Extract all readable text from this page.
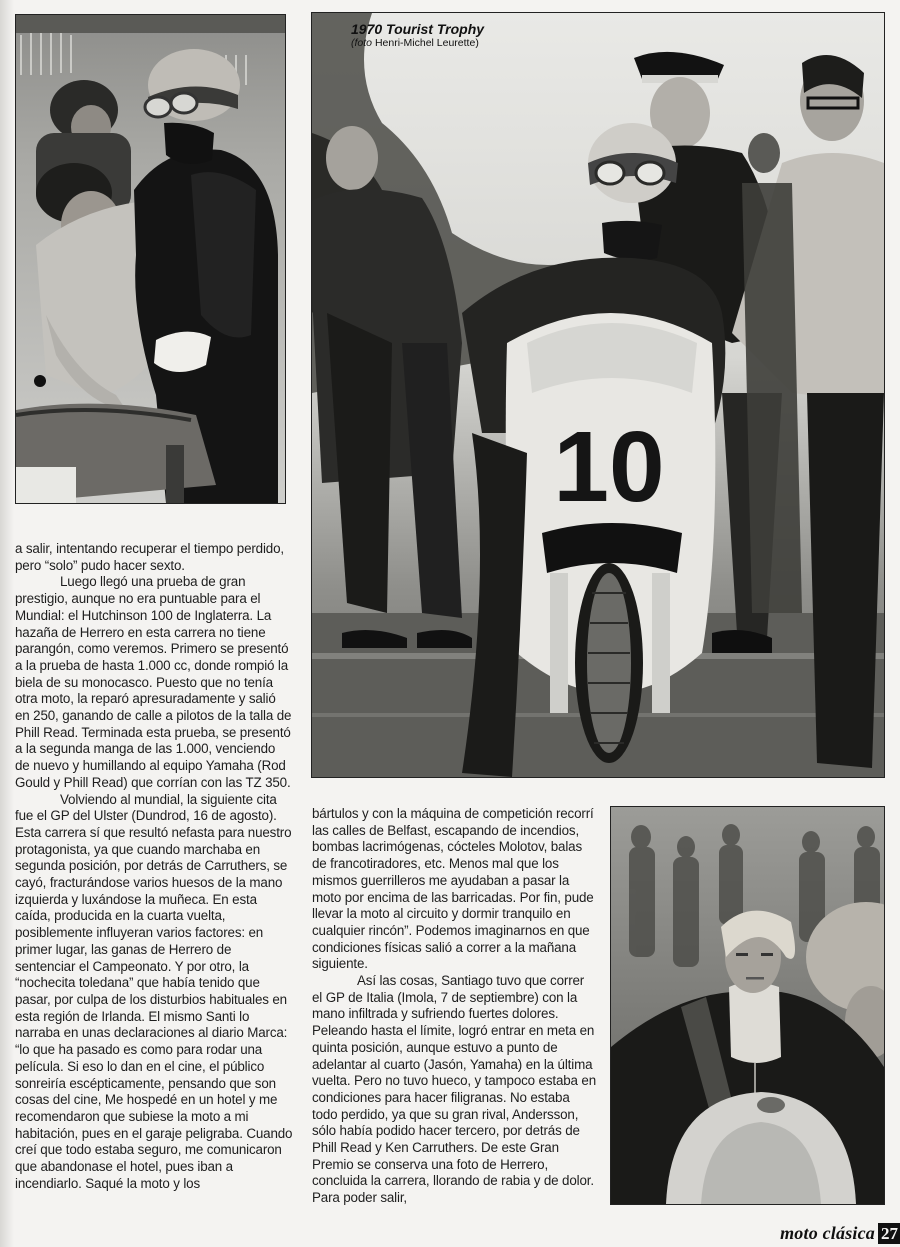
10
1970 Tourist Trophy
(foto Henri-Michel Leurette)

a salir, intentando recuperar el tiempo perdido, pero “solo” pudo hacer sexto.

Luego llegó una prueba de gran prestigio, aunque no era puntuable para el Mundial: el Hutchinson 100 de Inglaterra. La hazaña de Herrero en esta carrera no tiene parangón, como veremos. Primero se presentó a la prueba de hasta 1.000 cc, donde rompió la biela de su monocasco. Puesto que no tenía otra moto, la reparó apresuradamente y salió en 250, ganando de calle a pilotos de la talla de Phill Read. Terminada esta prueba, se presentó a la segunda manga de las 1.000, venciendo de nuevo y humillando al equipo Yamaha (Rod Gould y Phill Read) que corrían con las TZ 350.

Volviendo al mundial, la siguiente cita fue el GP del Ulster (Dundrod, 16 de agosto). Esta carrera sí que resultó nefasta para nuestro protagonista, ya que cuando marchaba en segunda posición, por detrás de Carruthers, se cayó, fracturándose varios huesos de la mano izquierda y luxándose la muñeca. En esta caída, producida en la cuarta vuelta, posiblemente influyeran varios factores: en primer lugar, las ganas de Herrero de sentenciar el Campeonato. Y por otro, la “nochecita toledana” que había tenido que pasar, por culpa de los disturbios habituales en esta región de Irlanda. El mismo Santi lo narraba en unas declaraciones al diario Marca: “lo que ha pasado es como para rodar una película. Si eso lo dan en el cine, el público sonreiría escépticamente, pensando que son cosas del cine, Me hospedé en un hotel y me recomendaron que subiese la moto a mi habitación, pues en el garaje peligraba. Cuando creí que todo estaba seguro, me comunicaron que abandonase el hotel, pues iban a incendiarlo. Saqué la moto y los

bártulos y con la máquina de competición recorrí las calles de Belfast, escapando de incendios, bombas lacrimógenas, cócteles Molotov, balas de francotiradores, etc. Menos mal que los mismos guerrilleros me ayudaban a pasar la moto por encima de las barricadas. Por fin, pude llevar la moto al circuito y dormir tranquilo en cualquier rincón”. Podemos imaginarnos en que condiciones físicas salió a correr a la mañana siguiente.

Así las cosas, Santiago tuvo que correr el GP de Italia (Imola, 7 de septiembre) con la mano infiltrada y sufriendo fuertes dolores. Peleando hasta el límite, logró entrar en meta en quinta posición, aunque estuvo a punto de adelantar al cuarto (Jasón, Yamaha) en la última vuelta. Pero no tuvo hueco, y tampoco estaba en condiciones para hacer filigranas. No estaba todo perdido, ya que su gran rival, Andersson, sólo había podido hacer tercero, por detrás de Phill Read y Ken Carruthers. De este Gran Premio se conserva una foto de Herrero, concluida la carrera, llorando de rabia y de dolor. Para poder salir,

moto clásica 27
